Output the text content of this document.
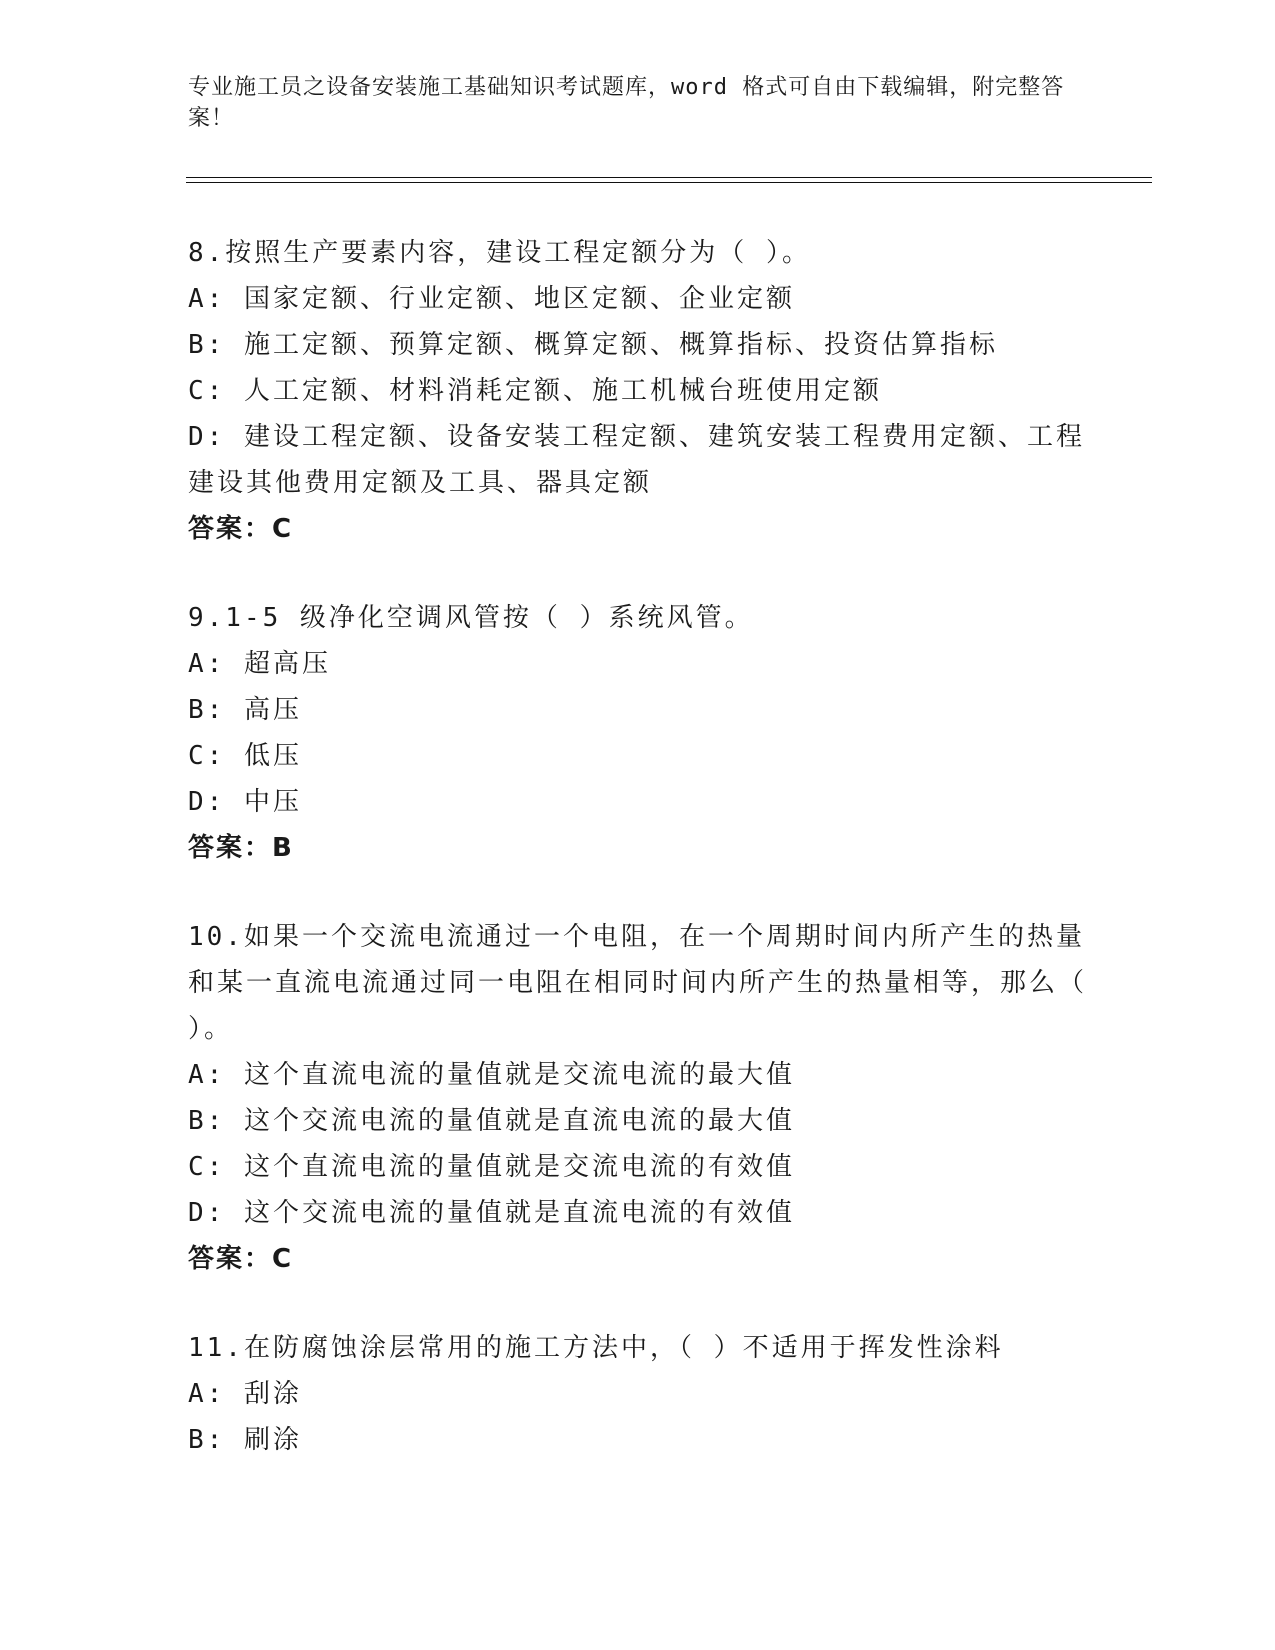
专业施工员之设备安装施工基础知识考试题库，word 格式可自由下载编辑，附完整答案！
8.按照生产要素内容，建设工程定额分为（ ）。
A: 国家定额、行业定额、地区定额、企业定额
B: 施工定额、预算定额、概算定额、概算指标、投资估算指标
C: 人工定额、材料消耗定额、施工机械台班使用定额
D: 建设工程定额、设备安装工程定额、建筑安装工程费用定额、工程建设其他费用定额及工具、器具定额
答案：C
9.1-5 级净化空调风管按（ ）系统风管。
A: 超高压
B: 高压
C: 低压
D: 中压
答案：B
10.如果一个交流电流通过一个电阻，在一个周期时间内所产生的热量和某一直流电流通过同一电阻在相同时间内所产生的热量相等，那么（ ）。
A: 这个直流电流的量值就是交流电流的最大值
B: 这个交流电流的量值就是直流电流的最大值
C: 这个直流电流的量值就是交流电流的有效值
D: 这个交流电流的量值就是直流电流的有效值
答案：C
11.在防腐蚀涂层常用的施工方法中，（ ）不适用于挥发性涂料
A: 刮涂
B: 刷涂
